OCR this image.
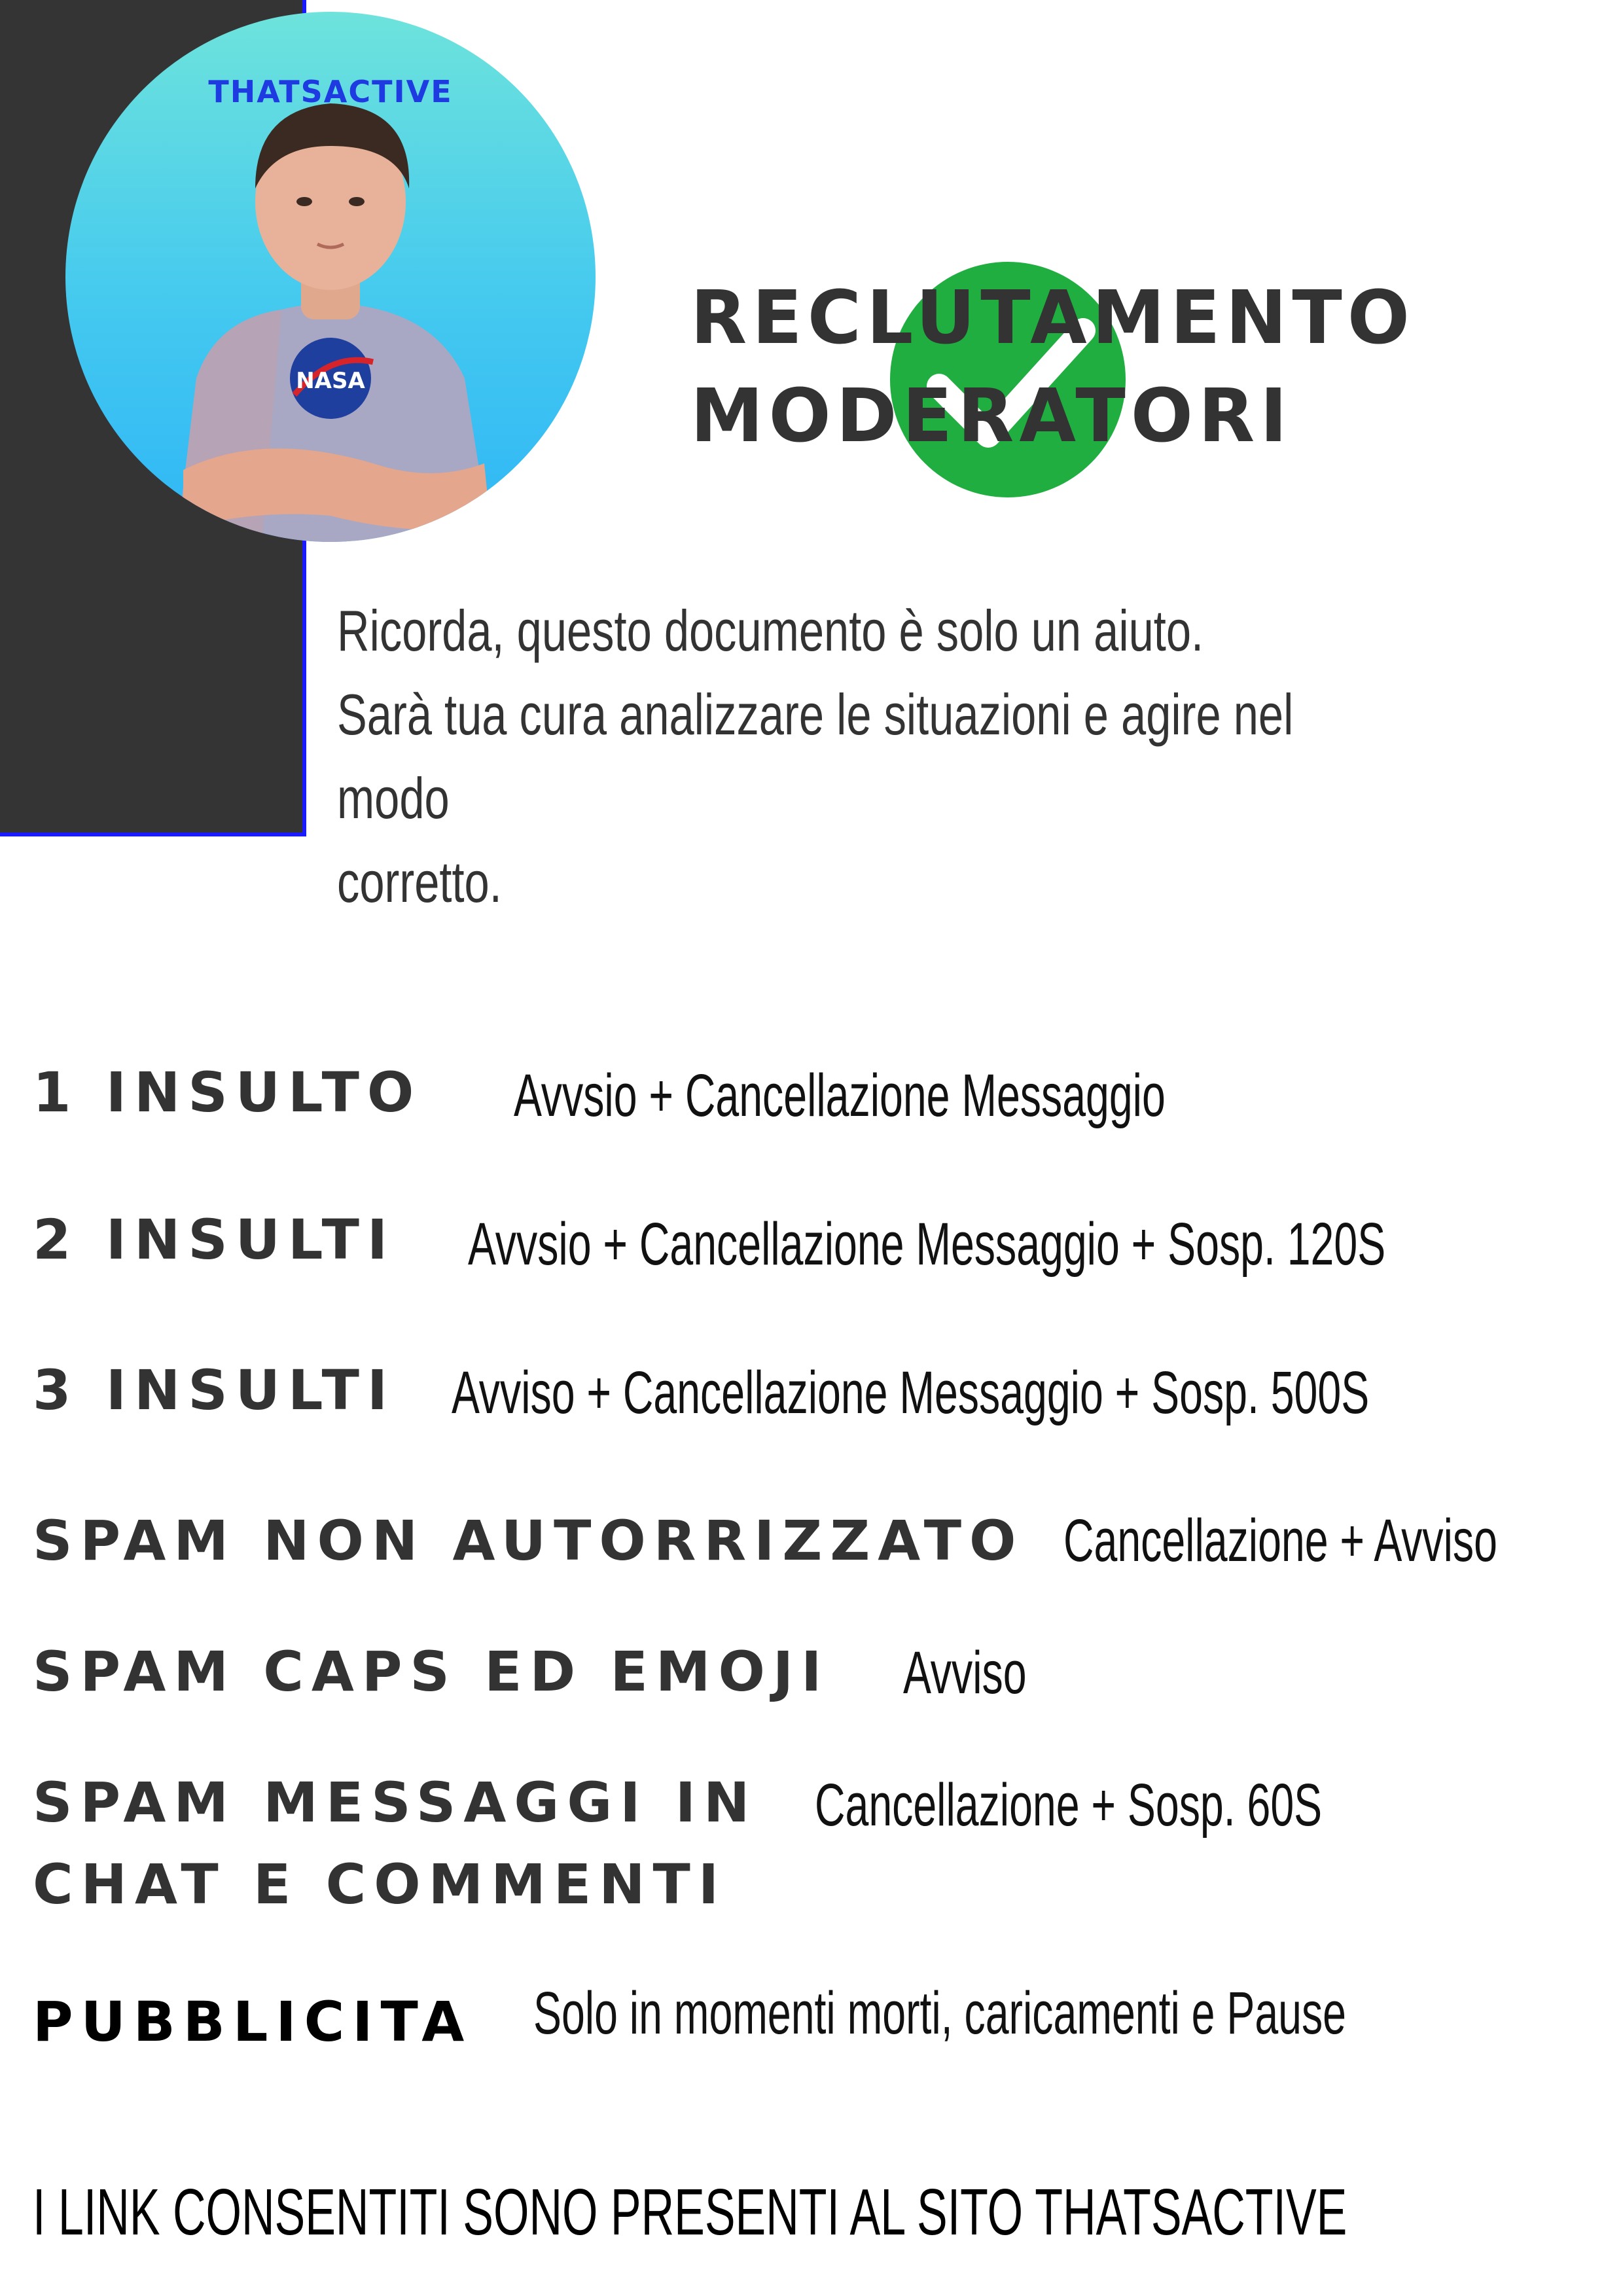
NASA
THATSACTIVE
RECLUTAMENTO
MODERATORI

Ricorda, questo documento è solo un aiuto.

Sarà tua cura analizzare le situazioni e agire nel modo

corretto.

1 INSULTO Avvsio + Cancellazione Messaggio

2 INSULTI Avvsio + Cancellazione Messaggio + Sosp. 120S

3 INSULTI Avviso + Cancellazione Messaggio + Sosp. 500S

SPAM NON AUTORRIZZATO Cancellazione + Avviso

SPAM CAPS ED EMOJI Avviso

SPAM MESSAGGI IN

CHAT E COMMENTI

Cancellazione + Sosp. 60S

PUBBLICITA Solo in momenti morti, caricamenti e Pause

I LINK CONSENTITI SONO PRESENTI AL SITO THATSACTIVE
